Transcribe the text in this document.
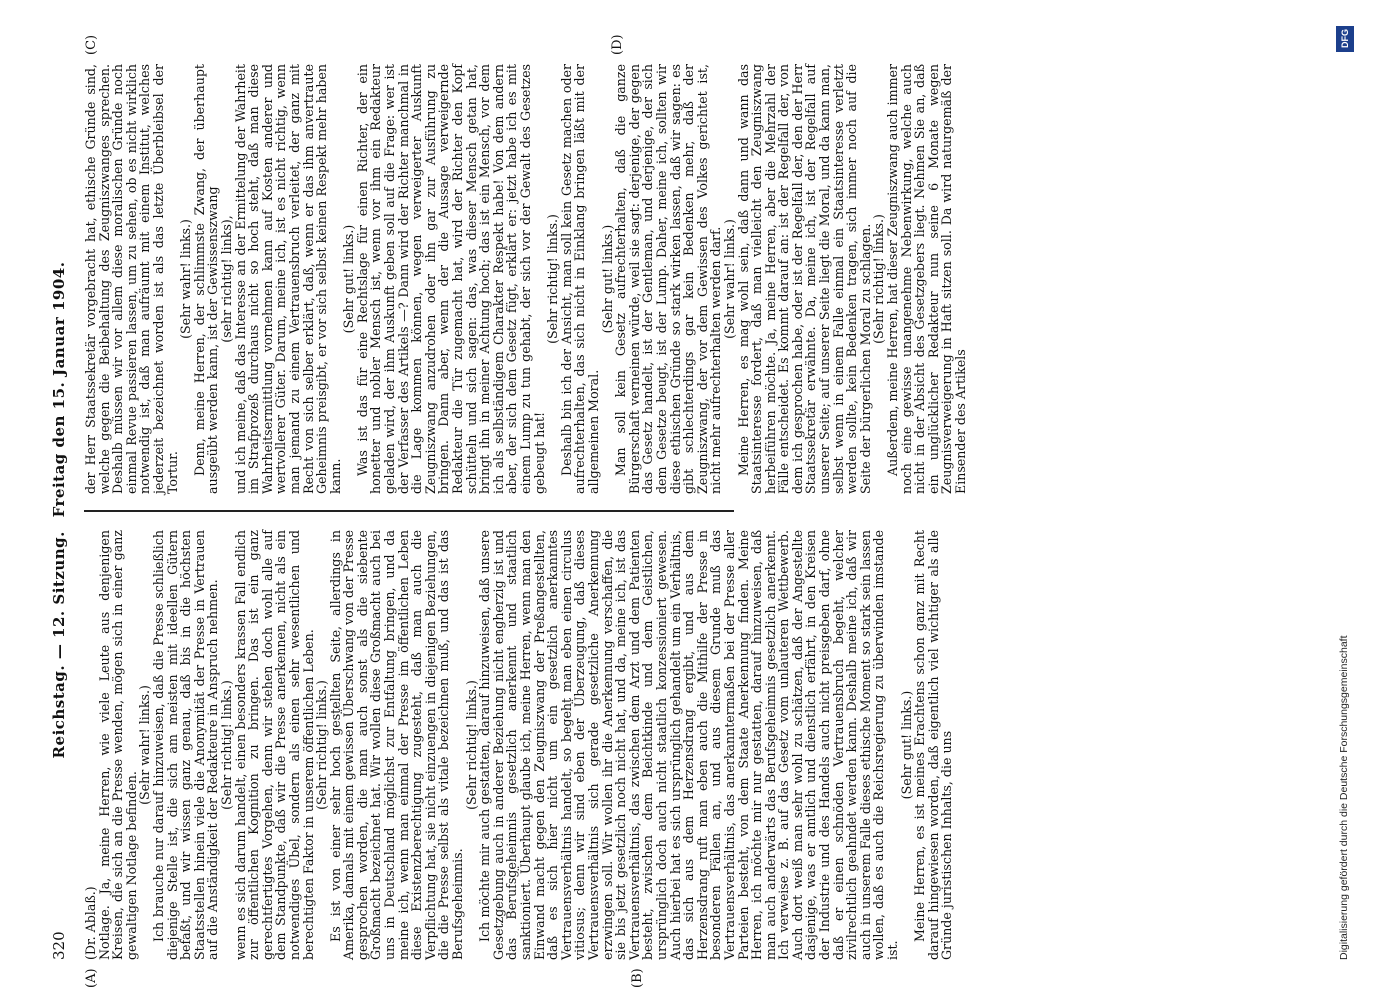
320
Reichstag. — 12. Sitzung. Freitag den 15. Januar 1904.
(A)	(B)
(C)	(D)

(Dr. Ablaß.)

Notlage. Ja, meine Herren, wie viele Leute aus denjenigen Kreisen, die sich an die Presse wenden, mögen sich in einer ganz gewaltigen Notlage befinden.

(Sehr wahr! links.)

Ich brauche nur darauf hinzuweisen, daß die Presse schließlich diejenige Stelle ist, die sich am meisten mit ideellen Gütern befaßt, und wir wissen ganz genau, daß bis in die höchsten Staatsstellen hinein viele die Anonymität der Presse in Vertrauen auf die Anständigkeit der Redakteure in Anspruch nehmen.

(Sehr richtig! links.)

wenn es sich darum handelt, einen besonders krassen Fall endlich zur öffentlichen Kognition zu bringen. Das ist ein ganz gerechtfertigtes Vorgehen, denn wir stehen doch wohl alle auf dem Standpunkte, daß wir die Presse anerkennen, nicht als ein notwendiges Übel, sondern als einen sehr wesentlichen und berechtigten Faktor in unserem öffentlichen Leben.

(Sehr richtig! links.)

Es ist von einer sehr hoch gestellten Seite, allerdings in Amerika, damals mit einem gewissen Überschwang von der Presse gesprochen worden, die man auch sonst als die siebente Großmacht bezeichnet hat. Wir wollen diese Großmacht auch bei uns in Deutschland möglichst zur Entfaltung bringen, und da meine ich, wenn man einmal der Presse im öffentlichen Leben diese Existenzberechtigung zugesteht, daß man auch die Verpflichtung hat, sie nicht einzuengen in diejenigen Beziehungen, die die Presse selbst als vitale bezeichnen muß, und das ist das Berufsgeheimnis.

(Sehr richtig! links.)

Ich möchte mir auch gestatten, darauf hinzuweisen, daß unsere Gesetzgebung auch in anderer Beziehung nicht engherzig ist und das Berufsgeheimnis gesetzlich anerkennt und staatlich sanktioniert. Überhaupt glaube ich, meine Herren, wenn man den Einwand macht gegen den Zeugniszwang der Preßangestellten, daß es sich hier nicht um ein gesetzlich anerkanntes Vertrauensverhältnis handelt, so begeht man eben einen circulus vitiosus; denn wir sind eben der Überzeugung, daß dieses Vertrauensverhältnis sich gerade gesetzliche Anerkennung erzwingen soll. Wir wollen ihr die Anerkennung verschaffen, die sie bis jetzt gesetzlich noch nicht hat, und da, meine ich, ist das Vertrauensverhältnis, das zwischen dem Arzt und dem Patienten besteht, zwischen dem Beichtkinde und dem Geistlichen, ursprünglich doch auch nicht staatlich konzessioniert gewesen. Auch hierbei hat es sich ursprünglich gehandelt um ein Verhältnis, das sich aus dem Herzensdrang ergibt, und aus dem Herzensdrang ruft man eben auch die Mithilfe der Presse in besonderen Fällen an, und aus diesem Grunde muß das Vertrauensverhältnis, das anerkanntermaßen bei der Presse aller Parteien besteht, von dem Staate Anerkennung finden. Meine Herren, ich möchte mir nur gestatten, darauf hinzuweisen, daß man auch anderwärts das Berufsgeheimnis gesetzlich anerkennt. Ich verweise z. B. auf das Gesetz vom unlauteren Wettbewerb. Auch dort weiß man sehr wohl zu schätzen, daß der Angestellte dasjenige, was er amtlich und dienstlich erfährt, in den Kreisen der Industrie und des Handels auch nicht preisgeben darf, ohne daß er einen schnöden Vertrauensbruch begeht, welcher zivilrechtlich geahndet werden kann. Deshalb meine ich, daß wir auch in unserem Falle dieses ethische Moment so stark sein lassen wollen, daß es auch die Reichsregierung zu überwinden imstande ist.

(Sehr gut! links.)

Meine Herren, es ist meines Erachtens schon ganz mit Recht darauf hingewiesen worden, daß eigentlich viel wichtiger als alle Gründe juristischen Inhalts, die uns

der Herr Staatssekretär vorgebracht hat, ethische Gründe sind, welche gegen die Beibehaltung des Zeugniszwanges sprechen. Deshalb müssen wir vor allem diese moralischen Gründe noch einmal Revue passieren lassen, um zu sehen, ob es nicht wirklich notwendig ist, daß man aufräumt mit einem Institut, welches jederzeit bezeichnet worden ist als das letzte Überbleibsel der Tortur.

(Sehr wahr! links.)

Denn, meine Herren, der schlimmste Zwang, der überhaupt ausgeübt werden kann, ist der Gewissenszwang

(sehr richtig! links),

und ich meine, daß das Interesse an der Ermittelung der Wahrheit im Strafprozeß durchaus nicht so hoch steht, daß man diese Wahrheitsermittlung vornehmen kann auf Kosten anderer und wertvollerer Güter. Darum, meine ich, ist es nicht richtig, wenn man jemand zu einem Vertrauensbruch verleitet, der ganz mit Recht von sich selber erklärt, daß, wenn er das ihm anvertraute Geheimnis preisgibt, er vor sich selbst keinen Respekt mehr haben kann.

(Sehr gut! links.)

Was ist das für eine Rechtslage für einen Richter, der ein honetter und nobler Mensch ist, wenn vor ihm ein Redakteur geladen wird, der ihm Auskunft geben soll auf die Frage: wer ist der Verfasser des Artikels —? Dann wird der Richter manchmal in die Lage kommen können, wegen verweigerter Auskunft Zeugniszwang anzudrohen oder ihn gar zur Ausführung zu bringen. Dann aber, wenn der die Aussage verweigernde Redakteur die Tür zugemacht hat, wird der Richter den Kopf schütteln und sich sagen: das, was dieser Mensch getan hat, bringt ihn in meiner Achtung hoch; das ist ein Mensch, vor dem ich als selbständigem Charakter Respekt habe! Von dem andern aber, der sich dem Gesetz fügt, erklärt er: jetzt habe ich es mit einem Lump zu tun gehabt, der sich vor der Gewalt des Gesetzes gebeugt hat!

(Sehr richtig! links.)

Deshalb bin ich der Ansicht, man soll kein Gesetz machen oder aufrechterhalten, das sich nicht in Einklang bringen läßt mit der allgemeinen Moral.

(Sehr gut! links.)

Man soll kein Gesetz aufrechterhalten, daß die ganze Bürgerschaft verneinen würde, weil sie sagt: derjenige, der gegen das Gesetz handelt, ist der Gentleman, und derjenige, der sich dem Gesetze beugt, ist der Lump. Daher, meine ich, sollten wir diese ethischen Gründe so stark wirken lassen, daß wir sagen: es gibt schlechterdings gar kein Bedenken mehr, daß der Zeugniszwang, der vor dem Gewissen des Volkes gerichtet ist, nicht mehr aufrechterhalten werden darf.

(Sehr wahr! links.)

Meine Herren, es mag wohl sein, daß dann und wann das Staatsinteresse fordert, daß man vielleicht den Zeugniszwang herbeiführen möchte. Ja, meine Herren, aber die Mehrzahl der Fälle entscheidet. Es kommt darauf an: ist der Regelfall der, von dem ich gesprochen habe, oder ist der Regelfall der, den der Herr Staatssekretär erwähnte. Da, meine ich, ist der Regelfall auf unserer Seite; auf unserer Seite liegt die Moral, und da kann man, selbst wenn in einem Falle einmal ein Staatsinteresse verletzt werden sollte, kein Bedenken tragen, sich immer noch auf die Seite der bürgerlichen Moral zu schlagen.

(Sehr richtig! links.)

Außerdem, meine Herren, hat dieser Zeugniszwang auch immer noch eine gewisse unangenehme Nebenwirkung, welche auch nicht in der Absicht des Gesetzgebers liegt. Nehmen Sie an, daß ein unglücklicher Redakteur nun seine 6 Monate wegen Zeugnisverweigerung in Haft sitzen soll. Da wird naturgemäß der Einsender des Artikels

DFG
Digitalisierung gefördert durch die Deutsche Forschungsgemeinschaft
